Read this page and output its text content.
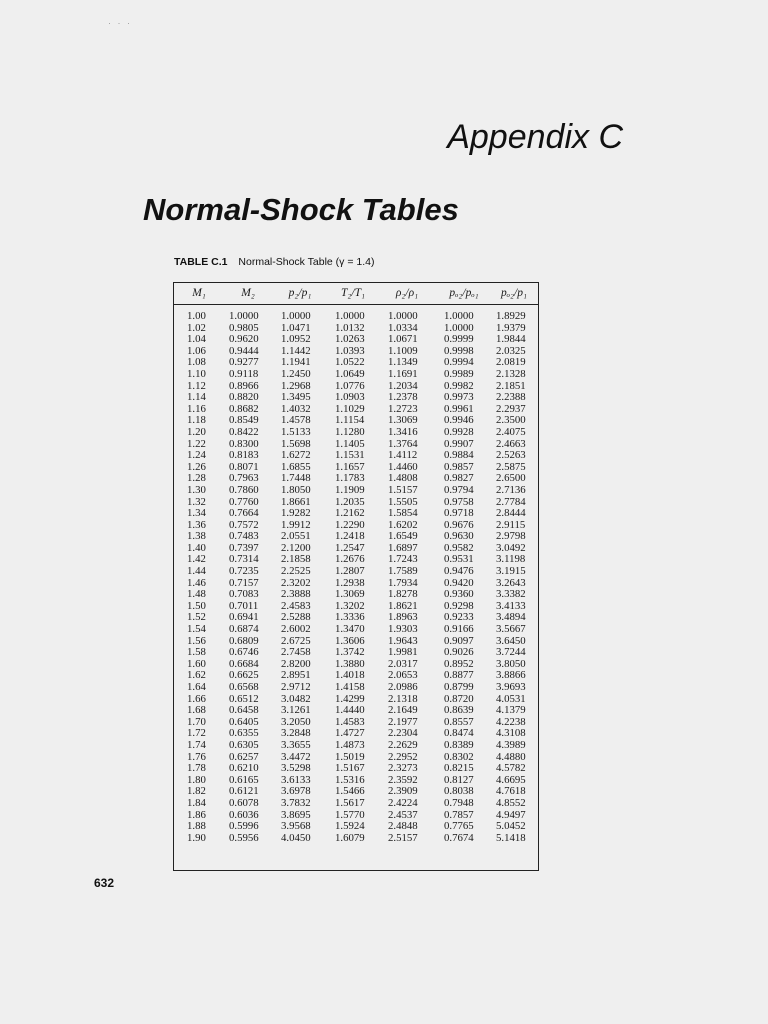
· · ·
Appendix C
Normal-Shock Tables
TABLE C.1 Normal-Shock Table (γ = 1.4)
M₁	M₂	p₂/p₁	T₂/T₁	ρ₂/ρ₁	pₒ₂/pₒ₁	pₒ₂/p₁
1.00 1.0000 1.0000 1.0000 1.0000 1.0000 1.8929
1.02 0.9805 1.0471 1.0132 1.0334 1.0000 1.9379
1.04 0.9620 1.0952 1.0263 1.0671 0.9999 1.9844
1.06 0.9444 1.1442 1.0393 1.1009 0.9998 2.0325
1.08 0.9277 1.1941 1.0522 1.1349 0.9994 2.0819
1.10 0.9118 1.2450 1.0649 1.1691 0.9989 2.1328
1.12 0.8966 1.2968 1.0776 1.2034 0.9982 2.1851
1.14 0.8820 1.3495 1.0903 1.2378 0.9973 2.2388
1.16 0.8682 1.4032 1.1029 1.2723 0.9961 2.2937
1.18 0.8549 1.4578 1.1154 1.3069 0.9946 2.3500
1.20 0.8422 1.5133 1.1280 1.3416 0.9928 2.4075
1.22 0.8300 1.5698 1.1405 1.3764 0.9907 2.4663
1.24 0.8183 1.6272 1.1531 1.4112 0.9884 2.5263
1.26 0.8071 1.6855 1.1657 1.4460 0.9857 2.5875
1.28 0.7963 1.7448 1.1783 1.4808 0.9827 2.6500
1.30 0.7860 1.8050 1.1909 1.5157 0.9794 2.7136
1.32 0.7760 1.8661 1.2035 1.5505 0.9758 2.7784
1.34 0.7664 1.9282 1.2162 1.5854 0.9718 2.8444
1.36 0.7572 1.9912 1.2290 1.6202 0.9676 2.9115
1.38 0.7483 2.0551 1.2418 1.6549 0.9630 2.9798
1.40 0.7397 2.1200 1.2547 1.6897 0.9582 3.0492
1.42 0.7314 2.1858 1.2676 1.7243 0.9531 3.1198
1.44 0.7235 2.2525 1.2807 1.7589 0.9476 3.1915
1.46 0.7157 2.3202 1.2938 1.7934 0.9420 3.2643
1.48 0.7083 2.3888 1.3069 1.8278 0.9360 3.3382
1.50 0.7011 2.4583 1.3202 1.8621 0.9298 3.4133
1.52 0.6941 2.5288 1.3336 1.8963 0.9233 3.4894
1.54 0.6874 2.6002 1.3470 1.9303 0.9166 3.5667
1.56 0.6809 2.6725 1.3606 1.9643 0.9097 3.6450
1.58 0.6746 2.7458 1.3742 1.9981 0.9026 3.7244
1.60 0.6684 2.8200 1.3880 2.0317 0.8952 3.8050
1.62 0.6625 2.8951 1.4018 2.0653 0.8877 3.8866
1.64 0.6568 2.9712 1.4158 2.0986 0.8799 3.9693
1.66 0.6512 3.0482 1.4299 2.1318 0.8720 4.0531
1.68 0.6458 3.1261 1.4440 2.1649 0.8639 4.1379
1.70 0.6405 3.2050 1.4583 2.1977 0.8557 4.2238
1.72 0.6355 3.2848 1.4727 2.2304 0.8474 4.3108
1.74 0.6305 3.3655 1.4873 2.2629 0.8389 4.3989
1.76 0.6257 3.4472 1.5019 2.2952 0.8302 4.4880
1.78 0.6210 3.5298 1.5167 2.3273 0.8215 4.5782
1.80 0.6165 3.6133 1.5316 2.3592 0.8127 4.6695
1.82 0.6121 3.6978 1.5466 2.3909 0.8038 4.7618
1.84 0.6078 3.7832 1.5617 2.4224 0.7948 4.8552
1.86 0.6036 3.8695 1.5770 2.4537 0.7857 4.9497
1.88 0.5996 3.9568 1.5924 2.4848 0.7765 5.0452
1.90 0.5956 4.0450 1.6079 2.5157 0.7674 5.1418
632
